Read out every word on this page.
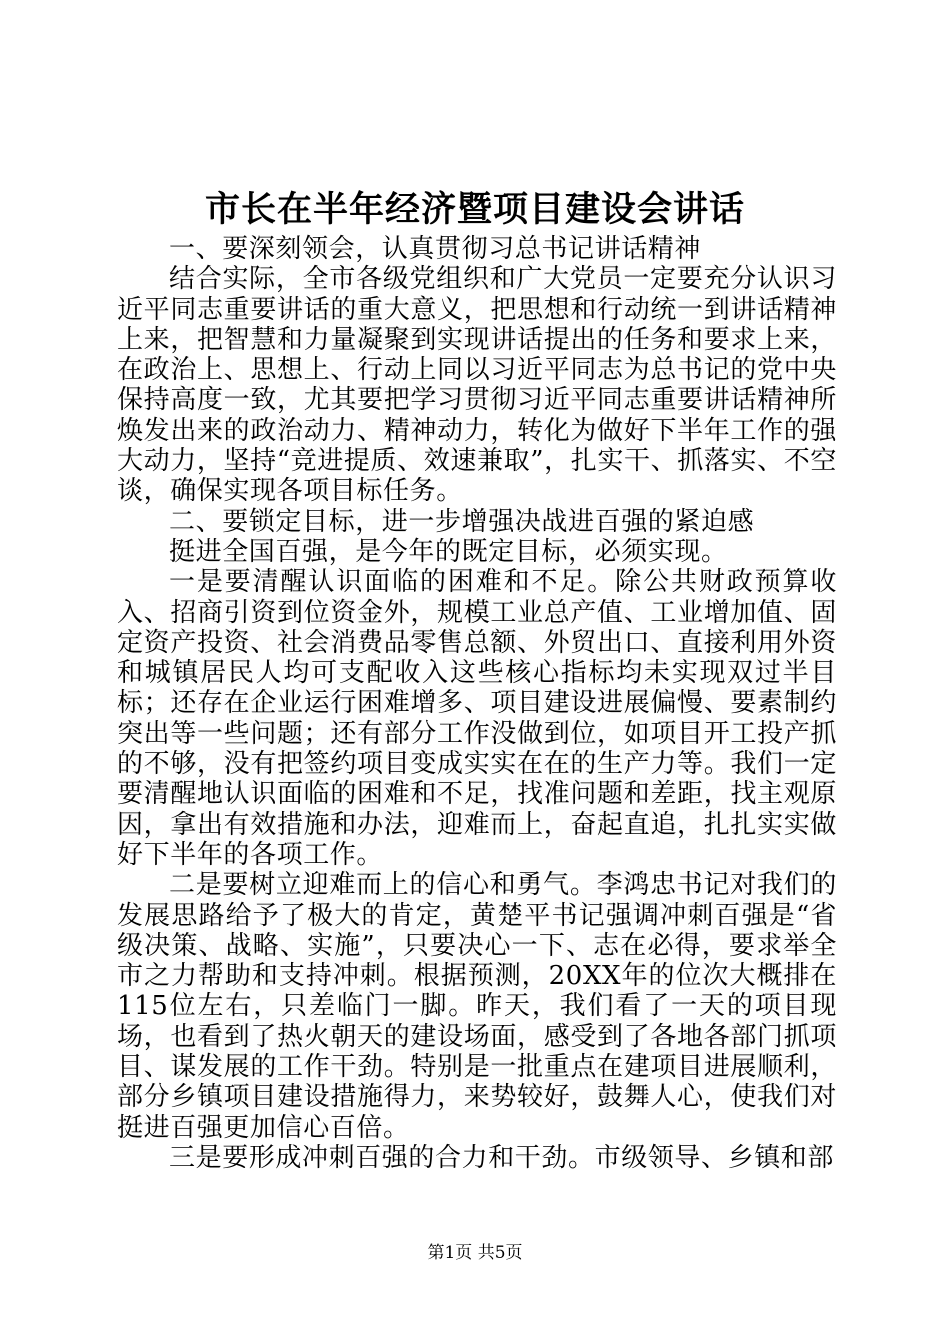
市长在半年经济暨项目建设会讲话

一、要深刻领会，认真贯彻习总书记讲话精神

结合实际，全市各级党组织和广大党员一定要充分认识习近平同志重要讲话的重大意义，把思想和行动统一到讲话精神上来，把智慧和力量凝聚到实现讲话提出的任务和要求上来，在政治上、思想上、行动上同以习近平同志为总书记的党中央保持高度一致，尤其要把学习贯彻习近平同志重要讲话精神所焕发出来的政治动力、精神动力，转化为做好下半年工作的强大动力，坚持“竞进提质、效速兼取”，扎实干、抓落实、不空谈，确保实现各项目标任务。

二、要锁定目标，进一步增强决战进百强的紧迫感

挺进全国百强，是今年的既定目标，必须实现。

一是要清醒认识面临的困难和不足。除公共财政预算收入、招商引资到位资金外，规模工业总产值、工业增加值、固定资产投资、社会消费品零售总额、外贸出口、直接利用外资和城镇居民人均可支配收入这些核心指标均未实现双过半目标；还存在企业运行困难增多、项目建设进展偏慢、要素制约突出等一些问题；还有部分工作没做到位，如项目开工投产抓的不够，没有把签约项目变成实实在在的生产力等。我们一定要清醒地认识面临的困难和不足，找准问题和差距，找主观原因，拿出有效措施和办法，迎难而上，奋起直追，扎扎实实做好下半年的各项工作。

二是要树立迎难而上的信心和勇气。李鸿忠书记对我们的发展思路给予了极大的肯定，黄楚平书记强调冲刺百强是“省级决策、战略、实施”，只要决心一下、志在必得，要求举全市之力帮助和支持冲刺。根据预测，20XX年的位次大概排在115位左右，只差临门一脚。昨天，我们看了一天的项目现场，也看到了热火朝天的建设场面，感受到了各地各部门抓项目、谋发展的工作干劲。特别是一批重点在建项目进展顺利，部分乡镇项目建设措施得力，来势较好，鼓舞人心，使我们对挺进百强更加信心百倍。

三是要形成冲刺百强的合力和干劲。市级领导、乡镇和部

第1页 共5页
